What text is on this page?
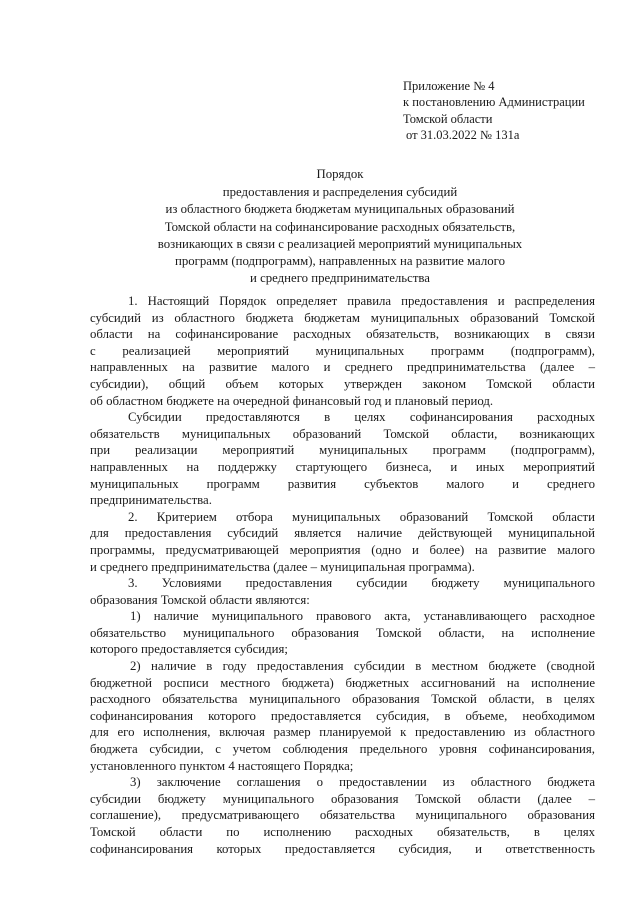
Приложение № 4
к постановлению Администрации
Томской области
от 31.03.2022 № 131а
Порядок
предоставления и распределения субсидий
из областного бюджета бюджетам муниципальных образований
Томской области на софинансирование расходных обязательств,
возникающих в связи с реализацией мероприятий муниципальных
программ (подпрограмм), направленных на развитие малого
и среднего предпринимательства

1. Настоящий Порядок определяет правила предоставления и распределения
субсидий из областного бюджета бюджетам муниципальных образований Томской
области на софинансирование расходных обязательств, возникающих в связи
с реализацией мероприятий муниципальных программ (подпрограмм),
направленных на развитие малого и среднего предпринимательства (далее –
субсидии), общий объем которых утвержден законом Томской области
об областном бюджете на очередной финансовый год и плановый период.

Субсидии предоставляются в целях софинансирования расходных
обязательств муниципальных образований Томской области, возникающих
при реализации мероприятий муниципальных программ (подпрограмм),
направленных на поддержку стартующего бизнеса, и иных мероприятий
муниципальных программ развития субъектов малого и среднего
предпринимательства.

2. Критерием отбора муниципальных образований Томской области
для предоставления субсидий является наличие действующей муниципальной
программы, предусматривающей мероприятия (одно и более) на развитие малого
и среднего предпринимательства (далее – муниципальная программа).

3. Условиями предоставления субсидии бюджету муниципального
образования Томской области являются:

1) наличие муниципального правового акта, устанавливающего расходное
обязательство муниципального образования Томской области, на исполнение
которого предоставляется субсидия;

2) наличие в году предоставления субсидии в местном бюджете (сводной
бюджетной росписи местного бюджета) бюджетных ассигнований на исполнение
расходного обязательства муниципального образования Томской области, в целях
софинансирования которого предоставляется субсидия, в объеме, необходимом
для его исполнения, включая размер планируемой к предоставлению из областного
бюджета субсидии, с учетом соблюдения предельного уровня софинансирования,
установленного пунктом 4 настоящего Порядка;

3) заключение соглашения о предоставлении из областного бюджета
субсидии бюджету муниципального образования Томской области (далее –
соглашение), предусматривающего обязательства муниципального образования
Томской области по исполнению расходных обязательств, в целях
софинансирования которых предоставляется субсидия, и ответственность
